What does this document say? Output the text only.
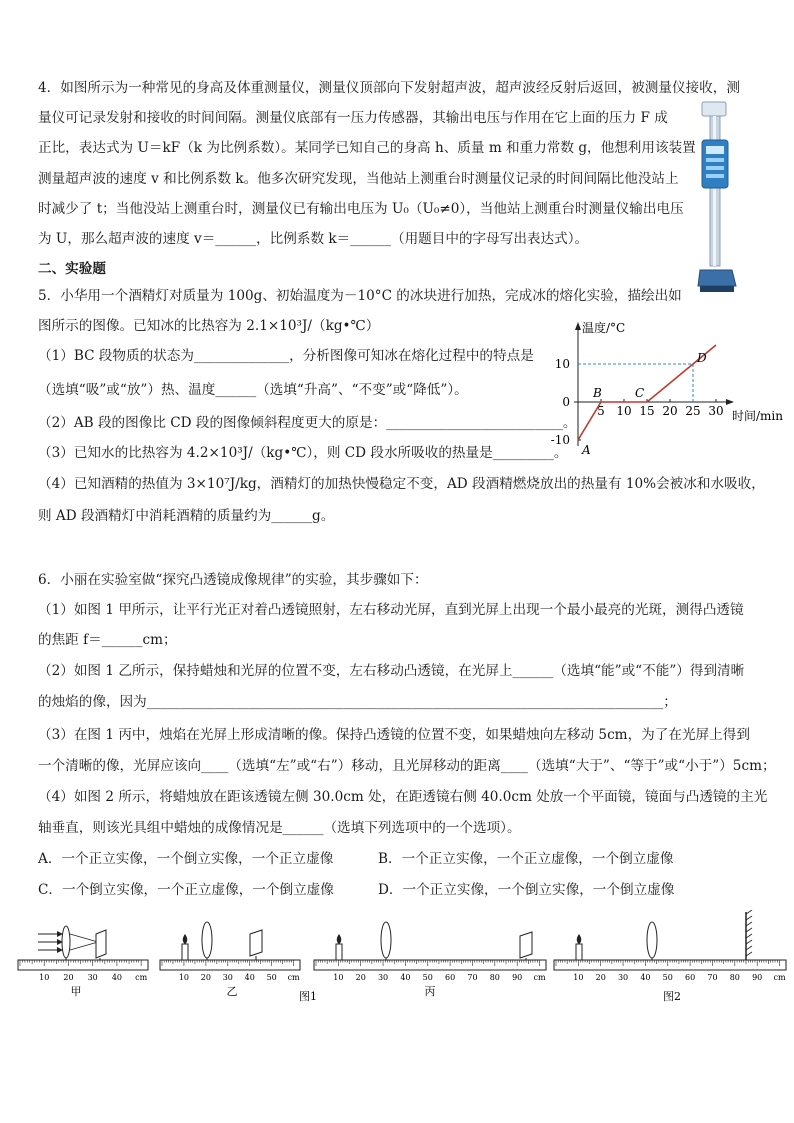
4．如图所示为一种常见的身高及体重测量仪，测量仪顶部向下发射超声波，超声波经反射后返回，被测量仪接收，测
量仪可记录发射和接收的时间间隔。测量仪底部有一压力传感器，其输出电压与作用在它上面的压力 F 成
正比，表达式为 U＝kF（k 为比例系数）。某同学已知自己的身高 h、质量 m 和重力常数 g，他想利用该装置
测量超声波的速度 v 和比例系数 k。他多次研究发现，当他站上测重台时测量仪记录的时间间隔比他没站上
时减少了 t；当他没站上测重台时，测量仪已有输出电压为 U₀（U₀≠0），当他站上测重台时测量仪输出电压
为 U，那么超声波的速度 v＝______，比例系数 k＝______（用题目中的字母写出表达式）。
二、实验题
5．小华用一个酒精灯对质量为 100g、初始温度为－10°C 的冰块进行加热，完成冰的熔化实验，描绘出如
图所示的图像。已知冰的比热容为 2.1×10³J/（kg•℃）
（1）BC 段物质的状态为______________，分析图像可知冰在熔化过程中的特点是
（选填“吸”或“放”）热、温度______（选填“升高”、“不变”或“降低”）。
（2）AB 段的图像比 CD 段的图像倾斜程度更大的原是：__________________________。
（3）已知水的比热容为 4.2×10³J/（kg•℃），则 CD 段水所吸收的热量是_________。
（4）已知酒精的热值为 3×10⁷J/kg，酒精灯的加热快慢稳定不变，AD 段酒精燃烧放出的热量有 10%会被冰和水吸收，
则 AD 段酒精灯中消耗酒精的质量约为______g。
温度/°C
时间/min
5 10 15 20 25 30
10
0
-10
A
B	C
D
6．小丽在实验室做“探究凸透镜成像规律”的实验，其步骤如下：
（1）如图 1 甲所示，让平行光正对着凸透镜照射，左右移动光屏，直到光屏上出现一个最小最亮的光斑，测得凸透镜
的焦距 f＝______cm；
（2）如图 1 乙所示，保持蜡烛和光屏的位置不变，左右移动凸透镜，在光屏上______（选填“能”或“不能”）得到清晰
的烛焰的像，因为____________________________________________________________________________；
（3）在图 1 丙中，烛焰在光屏上形成清晰的像。保持凸透镜的位置不变，如果蜡烛向左移动 5cm，为了在光屏上得到
一个清晰的像，光屏应该向____（选填“左”或“右”）移动，且光屏移动的距离____（选填“大于”、“等于”或“小于”）5cm；
（4）如图 2 所示，将蜡烛放在距该透镜左侧 30.0cm 处，在距透镜右侧 40.0cm 处放一个平面镜，镜面与凸透镜的主光
轴垂直，则该光具组中蜡烛的成像情况是______（选填下列选项中的一个选项）。
A．一个正立实像，一个倒立实像，一个正立虚像	B．一个正立实像，一个正立虚像，一个倒立虚像
C．一个倒立实像，一个正立虚像，一个倒立虚像	D．一个正立实像，一个倒立实像，一个倒立虚像
10 20 30 40 cm
甲
10 20 30 40 50 cm
乙	图1
10 20 30 40 50 60 70 80 90 cm
丙
10 20 30 40 50 60 70 80 90 cm
图2
